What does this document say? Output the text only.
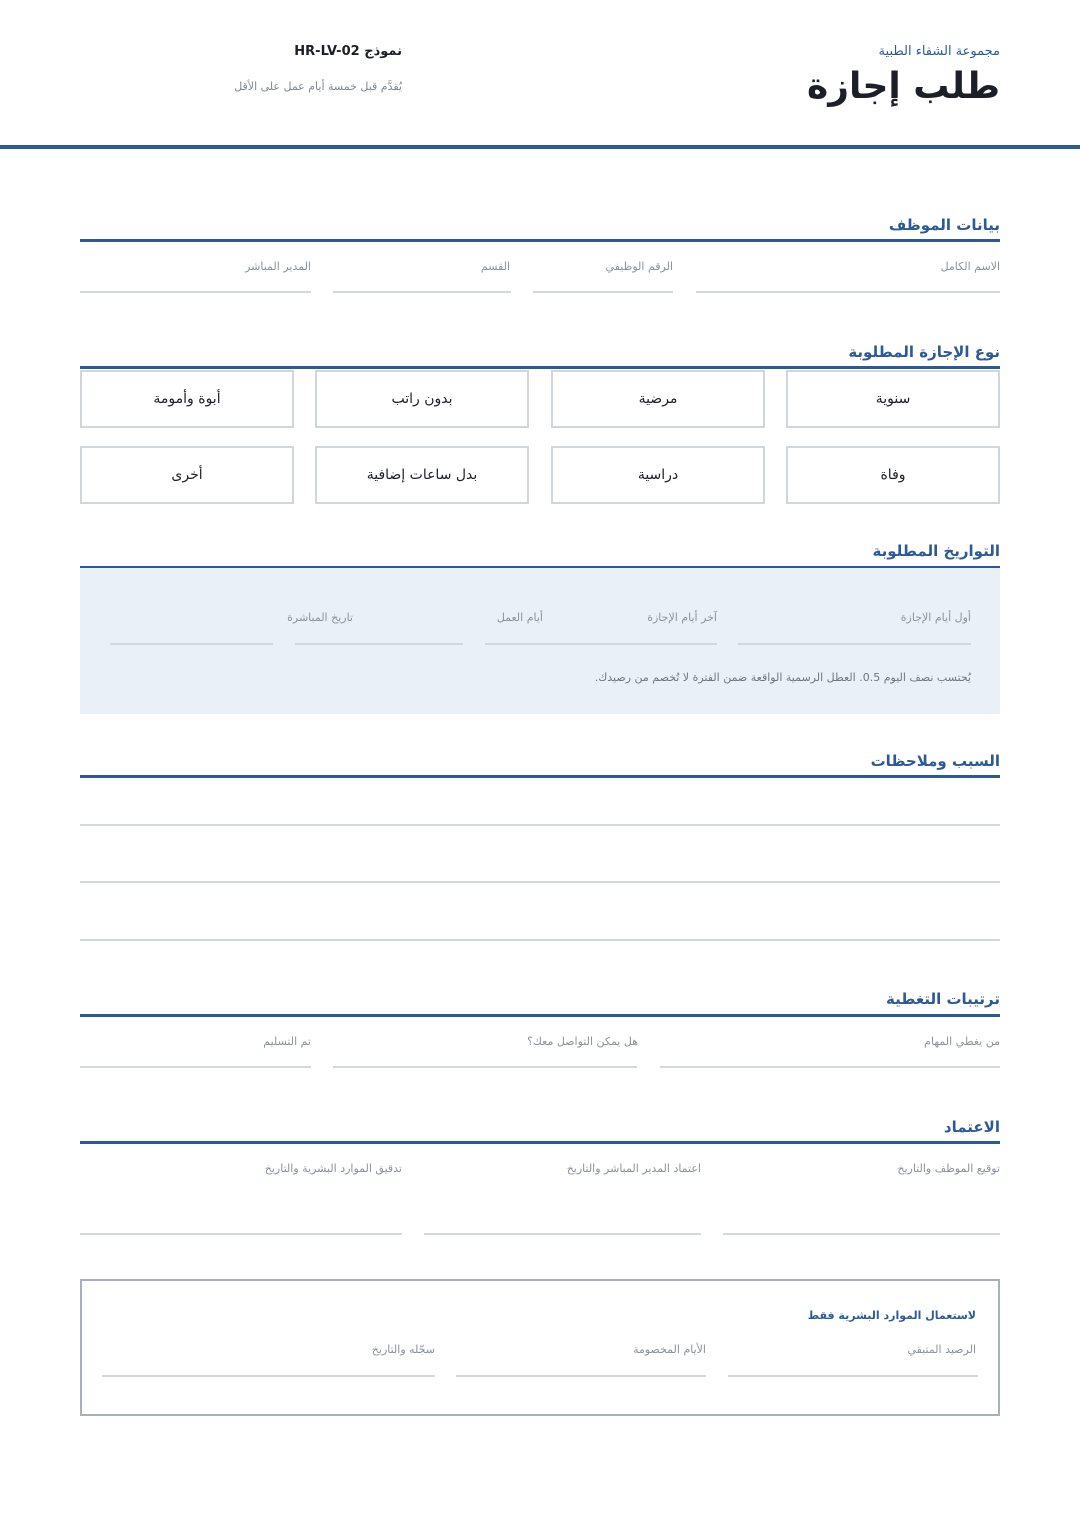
مجموعة الشفاء الطبية
طلب إجازة
نموذج HR-LV-02
يُقدَّم قبل خمسة أيام عمل على الأقل
بيانات الموظف
الاسم الكامل
الرقم الوظيفي
القسم
المدير المباشر
نوع الإجازة المطلوبة
سنوية
مرضية
بدون راتب
أبوة وأمومة
وفاة
دراسية
بدل ساعات إضافية
أخرى
التواريخ المطلوبة
أول أيام الإجازة
آخر أيام الإجازة
أيام العمل
تاريخ المباشرة
يُحتسب نصف اليوم 0.5. العطل الرسمية الواقعة ضمن الفترة لا تُخصم من رصيدك.
السبب وملاحظات
ترتيبات التغطية
من يغطي المهام
هل يمكن التواصل معك؟
تم التسليم
الاعتماد
توقيع الموظف والتاريخ
اعتماد المدير المباشر والتاريخ
تدقيق الموارد البشرية والتاريخ
لاستعمال الموارد البشرية فقط
الرصيد المتبقي
الأيام المخصومة
سجّله والتاريخ
